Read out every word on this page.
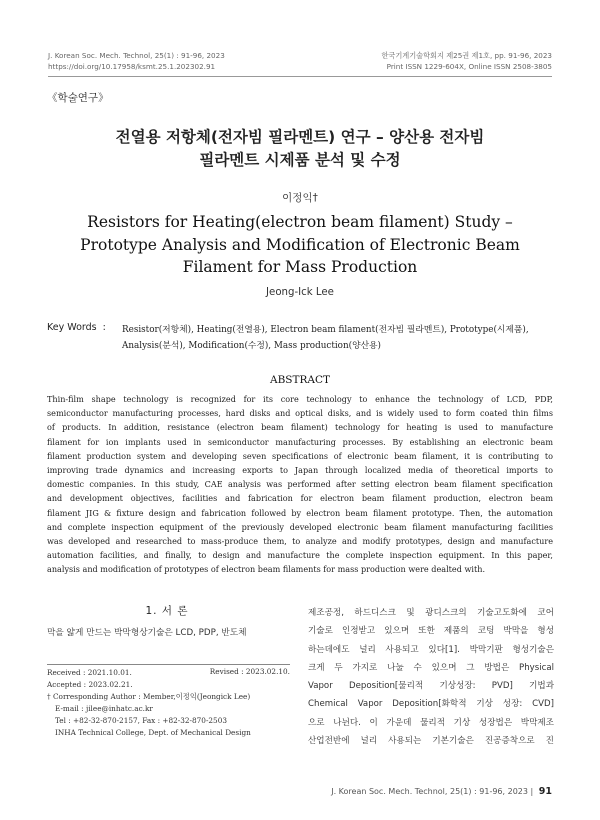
J. Korean Soc. Mech. Technol, 25(1) : 91-96, 2023
https://doi.org/10.17958/ksmt.25.1.202302.91
한국기계기술학회지 제25권 제1호, pp. 91-96, 2023
Print ISSN 1229-604X, Online ISSN 2508-3805
《학술연구》
전열용 저항체(전자빔 필라멘트) 연구 – 양산용 전자빔
필라멘트 시제품 분석 및 수정
이정익†
Resistors for Heating(electron beam filament) Study –
Prototype Analysis and Modification of Electronic Beam
Filament for Mass Production
Jeong-Ick Lee
Key Words : Resistor(저항체), Heating(전열용), Electron beam filament(전자빔 필라멘트), Prototype(시제품), Analysis(분석), Modification(수정), Mass production(양산용)
ABSTRACT
Thin-film shape technology is recognized for its core technology to enhance the technology of LCD, PDP,
semiconductor manufacturing processes, hard disks and optical disks, and is widely used to form coated thin films
of products. In addition, resistance (electron beam filament) technology for heating is used to manufacture
filament for ion implants used in semiconductor manufacturing processes. By establishing an electronic beam
filament production system and developing seven specifications of electronic beam filament, it is contributing to
improving trade dynamics and increasing exports to Japan through localized media of theoretical imports to
domestic companies. In this study, CAE analysis was performed after setting electron beam filament specification
and development objectives, facilities and fabrication for electron beam filament production, electron beam
filament JIG & fixture design and fabrication followed by electron beam filament prototype. Then, the automation
and complete inspection equipment of the previously developed electronic beam filament manufacturing facilities
was developed and researched to mass-produce them, to analyze and modify prototypes, design and manufacture
automation facilities, and finally, to design and manufacture the complete inspection equipment. In this paper,
analysis and modification of prototypes of electron beam filaments for mass production were dealted with.
1. 서 론
막을 얇게 만드는 박막형상기술은 LCD, PDP, 반도체
Received : 2021.10.01.	Revised : 2023.02.10.
Accepted : 2023.02.21.
† Corresponding Author : Member,이정익(Jeongick Lee)
E-mail : jilee@inhatc.ac.kr
Tel : +82-32-870-2157, Fax : +82-32-870-2503
INHA Technical College, Dept. of Mechanical Design
제조공정, 하드디스크 및 광디스크의 기술고도화에 코어
기술로 인정받고 있으며 또한 제품의 코팅 박막을 형성
하는데에도 널리 사용되고 있다[1]. 박막기판 형성기술은
크게 두 가지로 나눌 수 있으며 그 방법은 Physical
Vapor Deposition[물리적 기상성장: PVD] 기법과
Chemical Vapor Deposition[화학적 기상 성장: CVD]
으로 나뉜다. 이 가운데 물리적 기상 성장법은 박막제조
산업전반에 널리 사용되는 기본기술은 진공증착으로 진
J. Korean Soc. Mech. Technol, 25(1) : 91-96, 2023 | 91
